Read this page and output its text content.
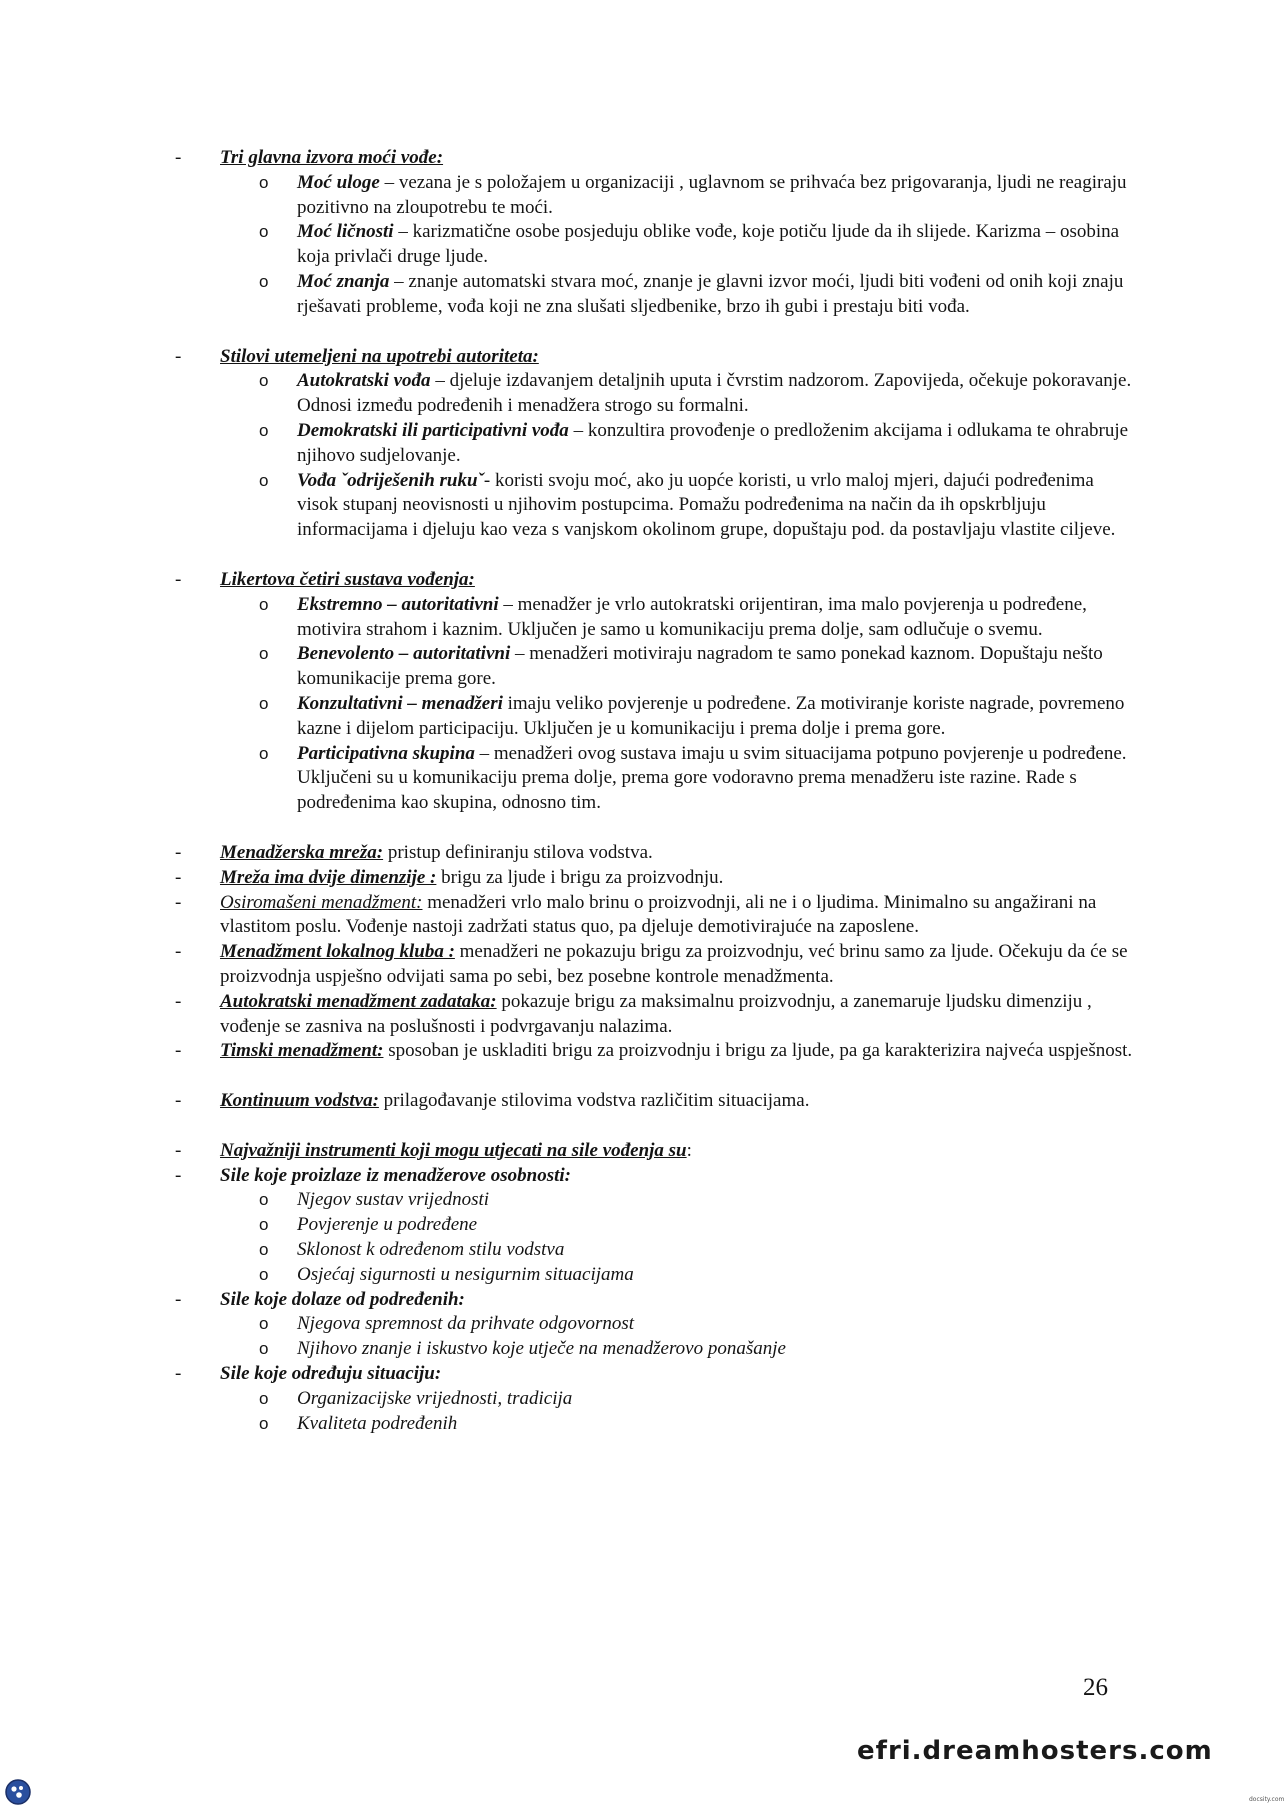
- Tri glavna izvora moći vođe:
o Moć uloge – vezana je s položajem u organizaciji , uglavnom se prihvaća bez prigovaranja, ljudi ne reagiraju pozitivno na zloupotrebu te moći.
o Moć ličnosti – karizmatične osobe posjeduju oblike vođe, koje potiču ljude da ih slijede. Karizma – osobina koja privlači druge ljude.
o Moć znanja – znanje automatski stvara moć, znanje je glavni izvor moći, ljudi biti vođeni od onih koji znaju rješavati probleme, vođa koji ne zna slušati sljedbenike, brzo ih gubi i prestaju biti vođa.
- Stilovi utemeljeni na upotrebi autoriteta:
o Autokratski vođa – djeluje izdavanjem detaljnih uputa i čvrstim nadzorom. Zapovijeda, očekuje pokoravanje. Odnosi između podređenih i menadžera strogo su formalni.
o Demokratski ili participativni vođa – konzultira provođenje o predloženim akcijama i odlukama te ohrabruje njihovo sudjelovanje.
o Vođa ˇodriješenih rukuˇ- koristi svoju moć, ako ju uopće koristi, u vrlo maloj mjeri, dajući podređenima visok stupanj neovisnosti u njihovim postupcima. Pomažu podređenima na način da ih opskrbljuju informacijama i djeluju kao veza s vanjskom okolinom grupe, dopuštaju pod. da postavljaju vlastite ciljeve.
- Likertova četiri sustava vođenja:
o Ekstremno – autoritativni – menadžer je vrlo autokratski orijentiran, ima malo povjerenja u podređene, motivira strahom i kaznim. Uključen je samo u komunikaciju prema dolje, sam odlučuje o svemu.
o Benevolento – autoritativni – menadžeri motiviraju nagradom te samo ponekad kaznom. Dopuštaju nešto komunikacije prema gore.
o Konzultativni – menadžeri imaju veliko povjerenje u podređene. Za motiviranje koriste nagrade, povremeno kazne i dijelom participaciju. Uključen je u komunikaciju i prema dolje i prema gore.
o Participativna skupina – menadžeri ovog sustava imaju u svim situacijama potpuno povjerenje u podređene. Uključeni su u komunikaciju prema dolje, prema gore vodoravno prema menadžeru iste razine. Rade s podređenima kao skupina, odnosno tim.
- Menadžerska mreža: pristup definiranju stilova vodstva.
- Mreža ima dvije dimenzije : brigu za ljude i brigu za proizvodnju.
- Osiromašeni menadžment: menadžeri vrlo malo brinu o proizvodnji, ali ne i o ljudima. Minimalno su angažirani na vlastitom poslu. Vođenje nastoji zadržati status quo, pa djeluje demotivirajuće na zaposlene.
- Menadžment lokalnog kluba : menadžeri ne pokazuju brigu za proizvodnju, već brinu samo za ljude. Očekuju da će se proizvodnja uspješno odvijati sama po sebi, bez posebne kontrole menadžmenta.
- Autokratski menadžment zadataka: pokazuje brigu za maksimalnu proizvodnju, a zanemaruje ljudsku dimenziju , vođenje se zasniva na poslušnosti i podvrgavanju nalazima.
- Timski menadžment: sposoban je uskladiti brigu za proizvodnju i brigu za ljude, pa ga karakterizira najveća uspješnost.
- Kontinuum vodstva: prilagođavanje stilovima vodstva različitim situacijama.
- Najvažniji instrumenti koji mogu utjecati na sile vođenja su:
- Sile koje proizlaze iz menadžerove osobnosti:
o Njegov sustav vrijednosti
o Povjerenje u podređene
o Sklonost k određenom stilu vodstva
o Osjećaj sigurnosti u nesigurnim situacijama
- Sile koje dolaze od podređenih:
o Njegova spremnost da prihvate odgovornost
o Njihovo znanje i iskustvo koje utječe na menadžerovo ponašanje
- Sile koje određuju situaciju:
o Organizacijske vrijednosti, tradicija
o Kvaliteta podređenih
26
efri.dreamhosters.com
docsity.com
